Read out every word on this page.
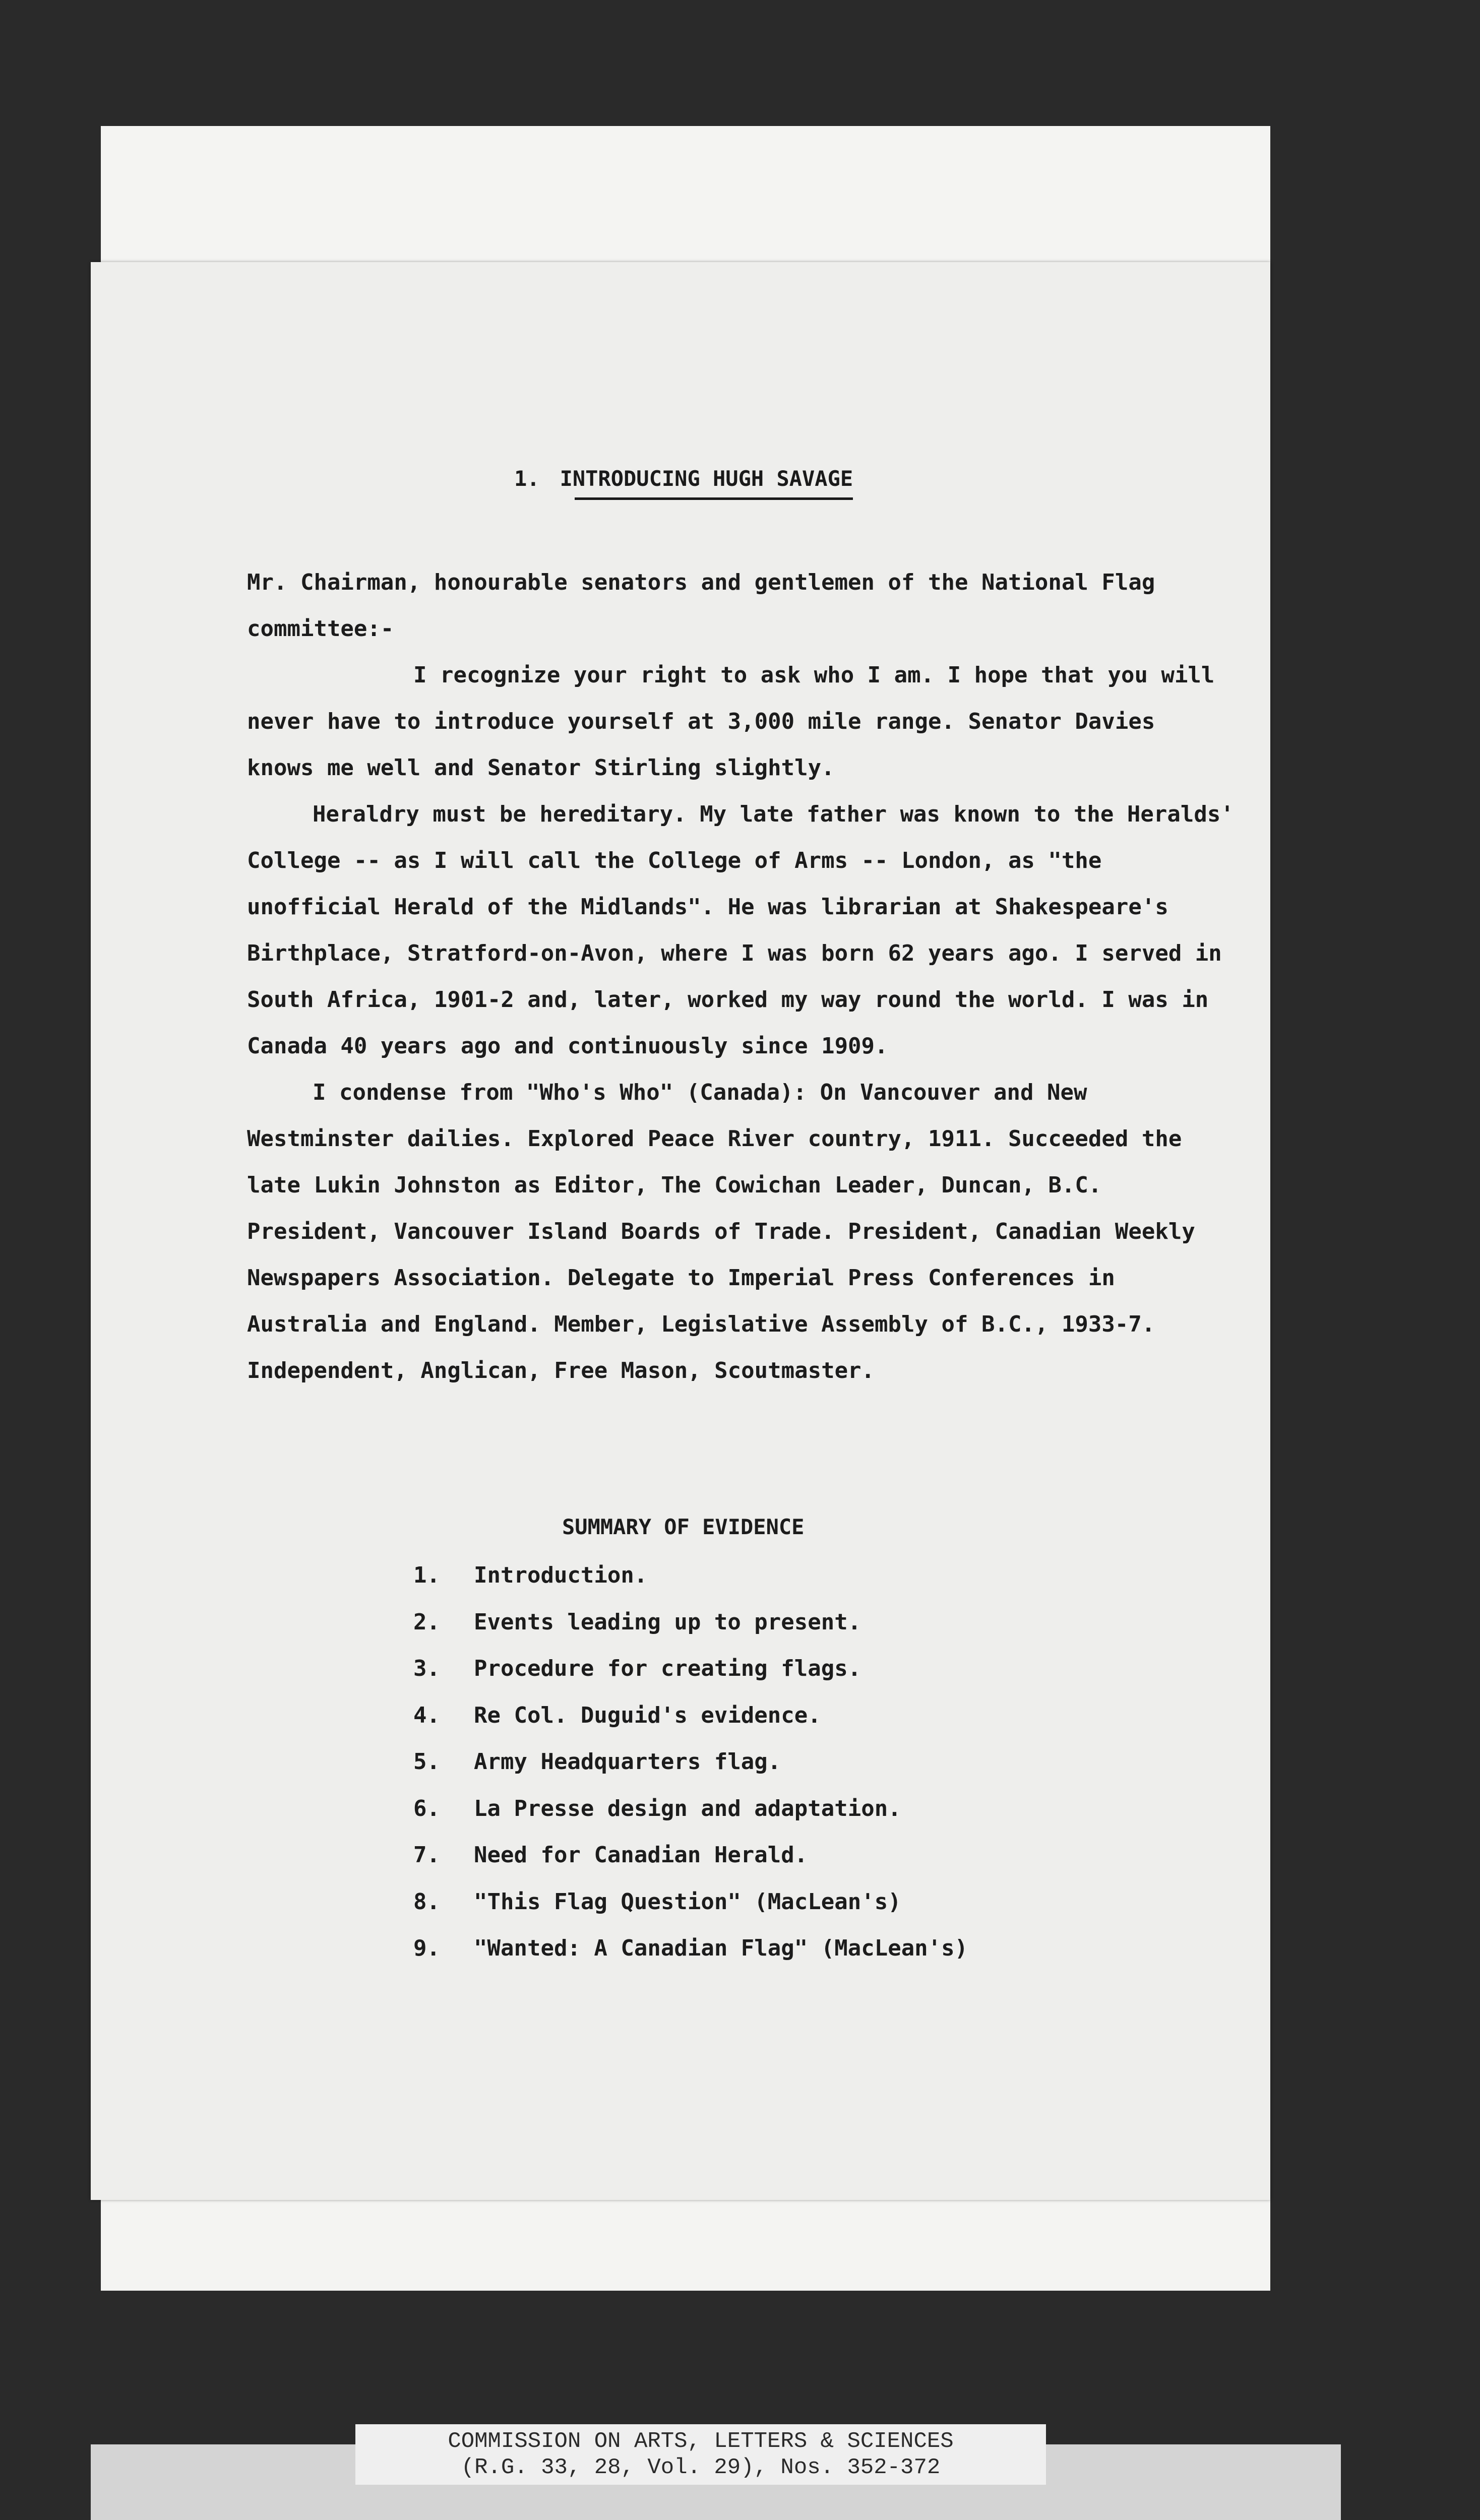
1. INTRODUCING HUGH SAVAGE

Mr. Chairman, honourable senators and gentlemen of the National Flag committee:-

I recognize your right to ask who I am. I hope that you will never have to introduce yourself at 3,000 mile range. Senator Davies knows me well and Senator Stirling slightly.

Heraldry must be hereditary. My late father was known to the Heralds' College -- as I will call the College of Arms -- London, as "the unofficial Herald of the Midlands". He was librarian at Shakespeare's Birthplace, Stratford-on-Avon, where I was born 62 years ago. I served in South Africa, 1901-2 and, later, worked my way round the world. I was in Canada 40 years ago and continuously since 1909.

I condense from "Who's Who" (Canada): On Vancouver and New Westminster dailies. Explored Peace River country, 1911. Succeeded the late Lukin Johnston as Editor, The Cowichan Leader, Duncan, B.C. President, Vancouver Island Boards of Trade. President, Canadian Weekly Newspapers Association. Delegate to Imperial Press Conferences in Australia and England. Member, Legislative Assembly of B.C., 1933-7. Independent, Anglican, Free Mason, Scoutmaster.

SUMMARY OF EVIDENCE
1. Introduction.
2. Events leading up to present.
3. Procedure for creating flags.
4. Re Col. Duguid's evidence.
5. Army Headquarters flag.
6. La Presse design and adaptation.
7. Need for Canadian Herald.
8. "This Flag Question" (MacLean's)
9. "Wanted: A Canadian Flag" (MacLean's)
COMMISSION ON ARTS, LETTERS & SCIENCES
(R.G. 33, 28, Vol. 29), Nos. 352-372
